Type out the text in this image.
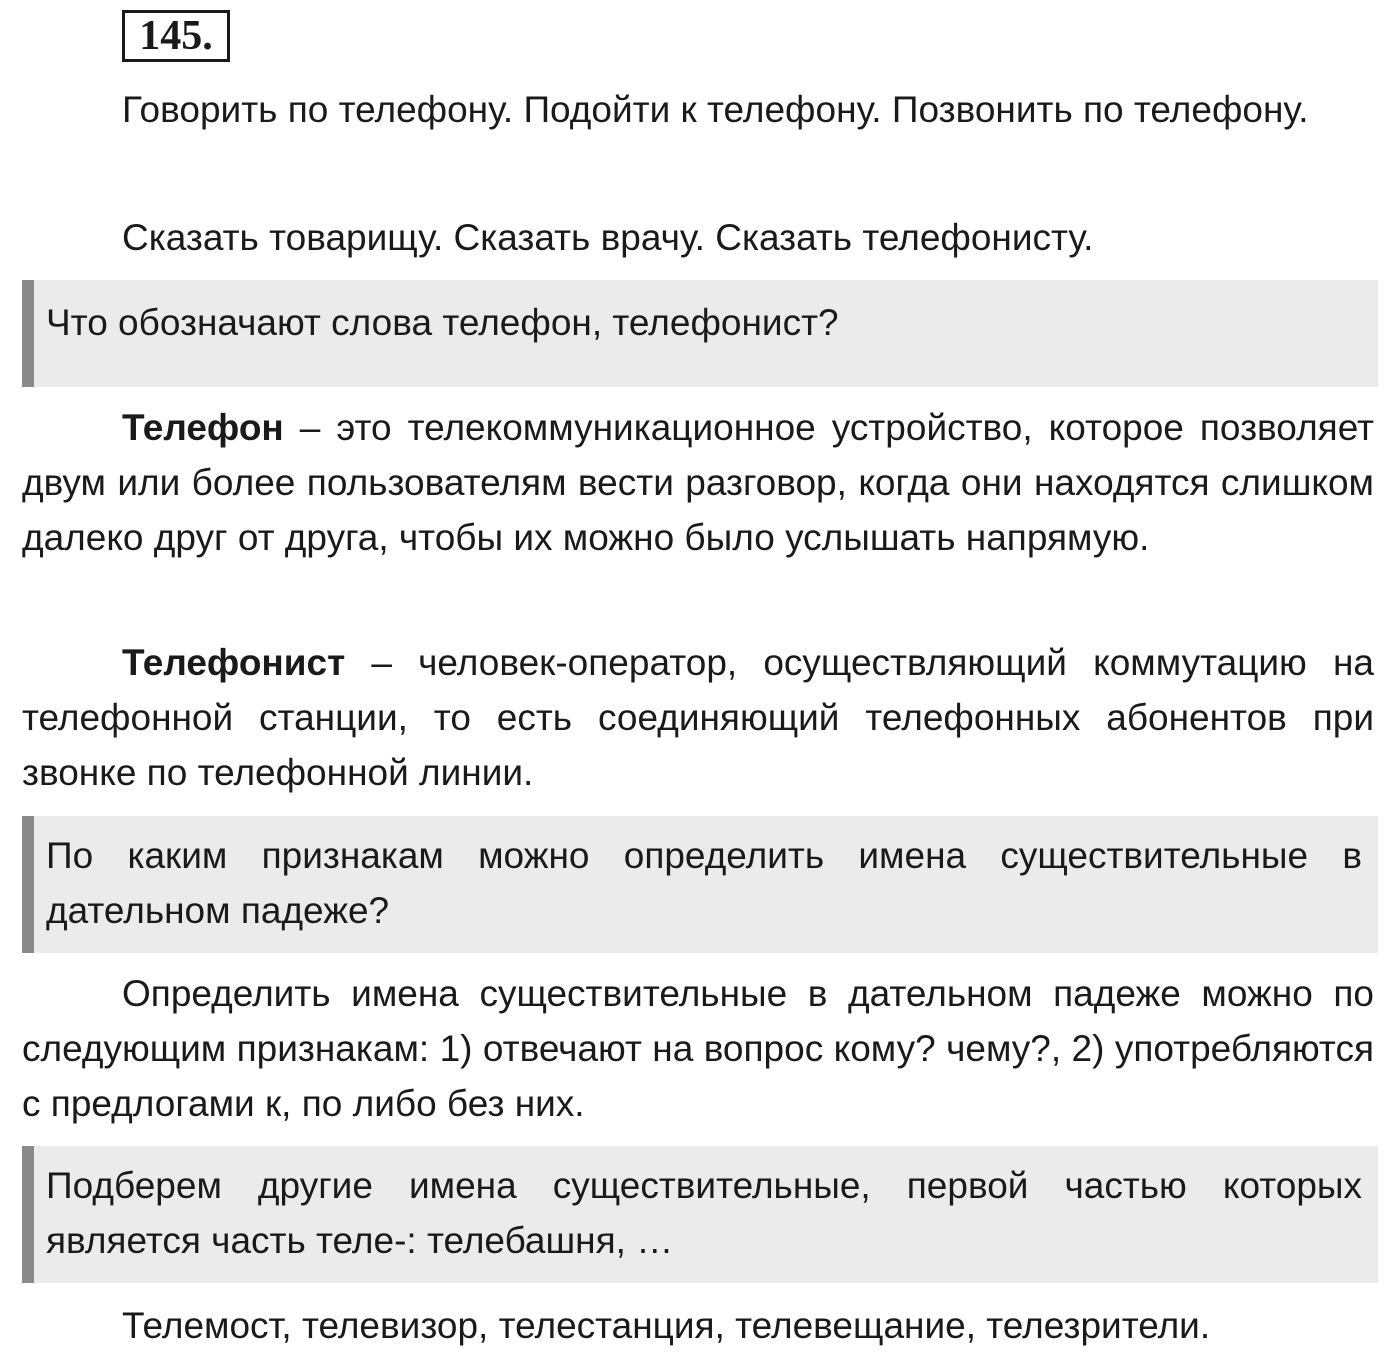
145.

Говорить по телефону. Подойти к телефону. Позвонить по телефону.

Сказать товарищу. Сказать врачу. Сказать телефонисту.

Что обозначают слова телефон, телефонист?

Телефон – это телекоммуникационное устройство, которое позволяет двум или более пользователям вести разговор, когда они находятся слишком далеко друг от друга, чтобы их можно было услышать напрямую.

Телефонист – человек-оператор, осуществляющий коммутацию на телефонной станции, то есть соединяющий телефонных абонентов при звонке по телефонной линии.

По каким признакам можно определить имена существительные в дательном падеже?

Определить имена существительные в дательном падеже можно по следующим признакам: 1) отвечают на вопрос кому? чему?, 2) употребляются с предлогами к, по либо без них.

Подберем другие имена существительные, первой частью которых является часть теле-: телебашня, …

Телемост, телевизор, телестанция, телевещание, телезрители.
